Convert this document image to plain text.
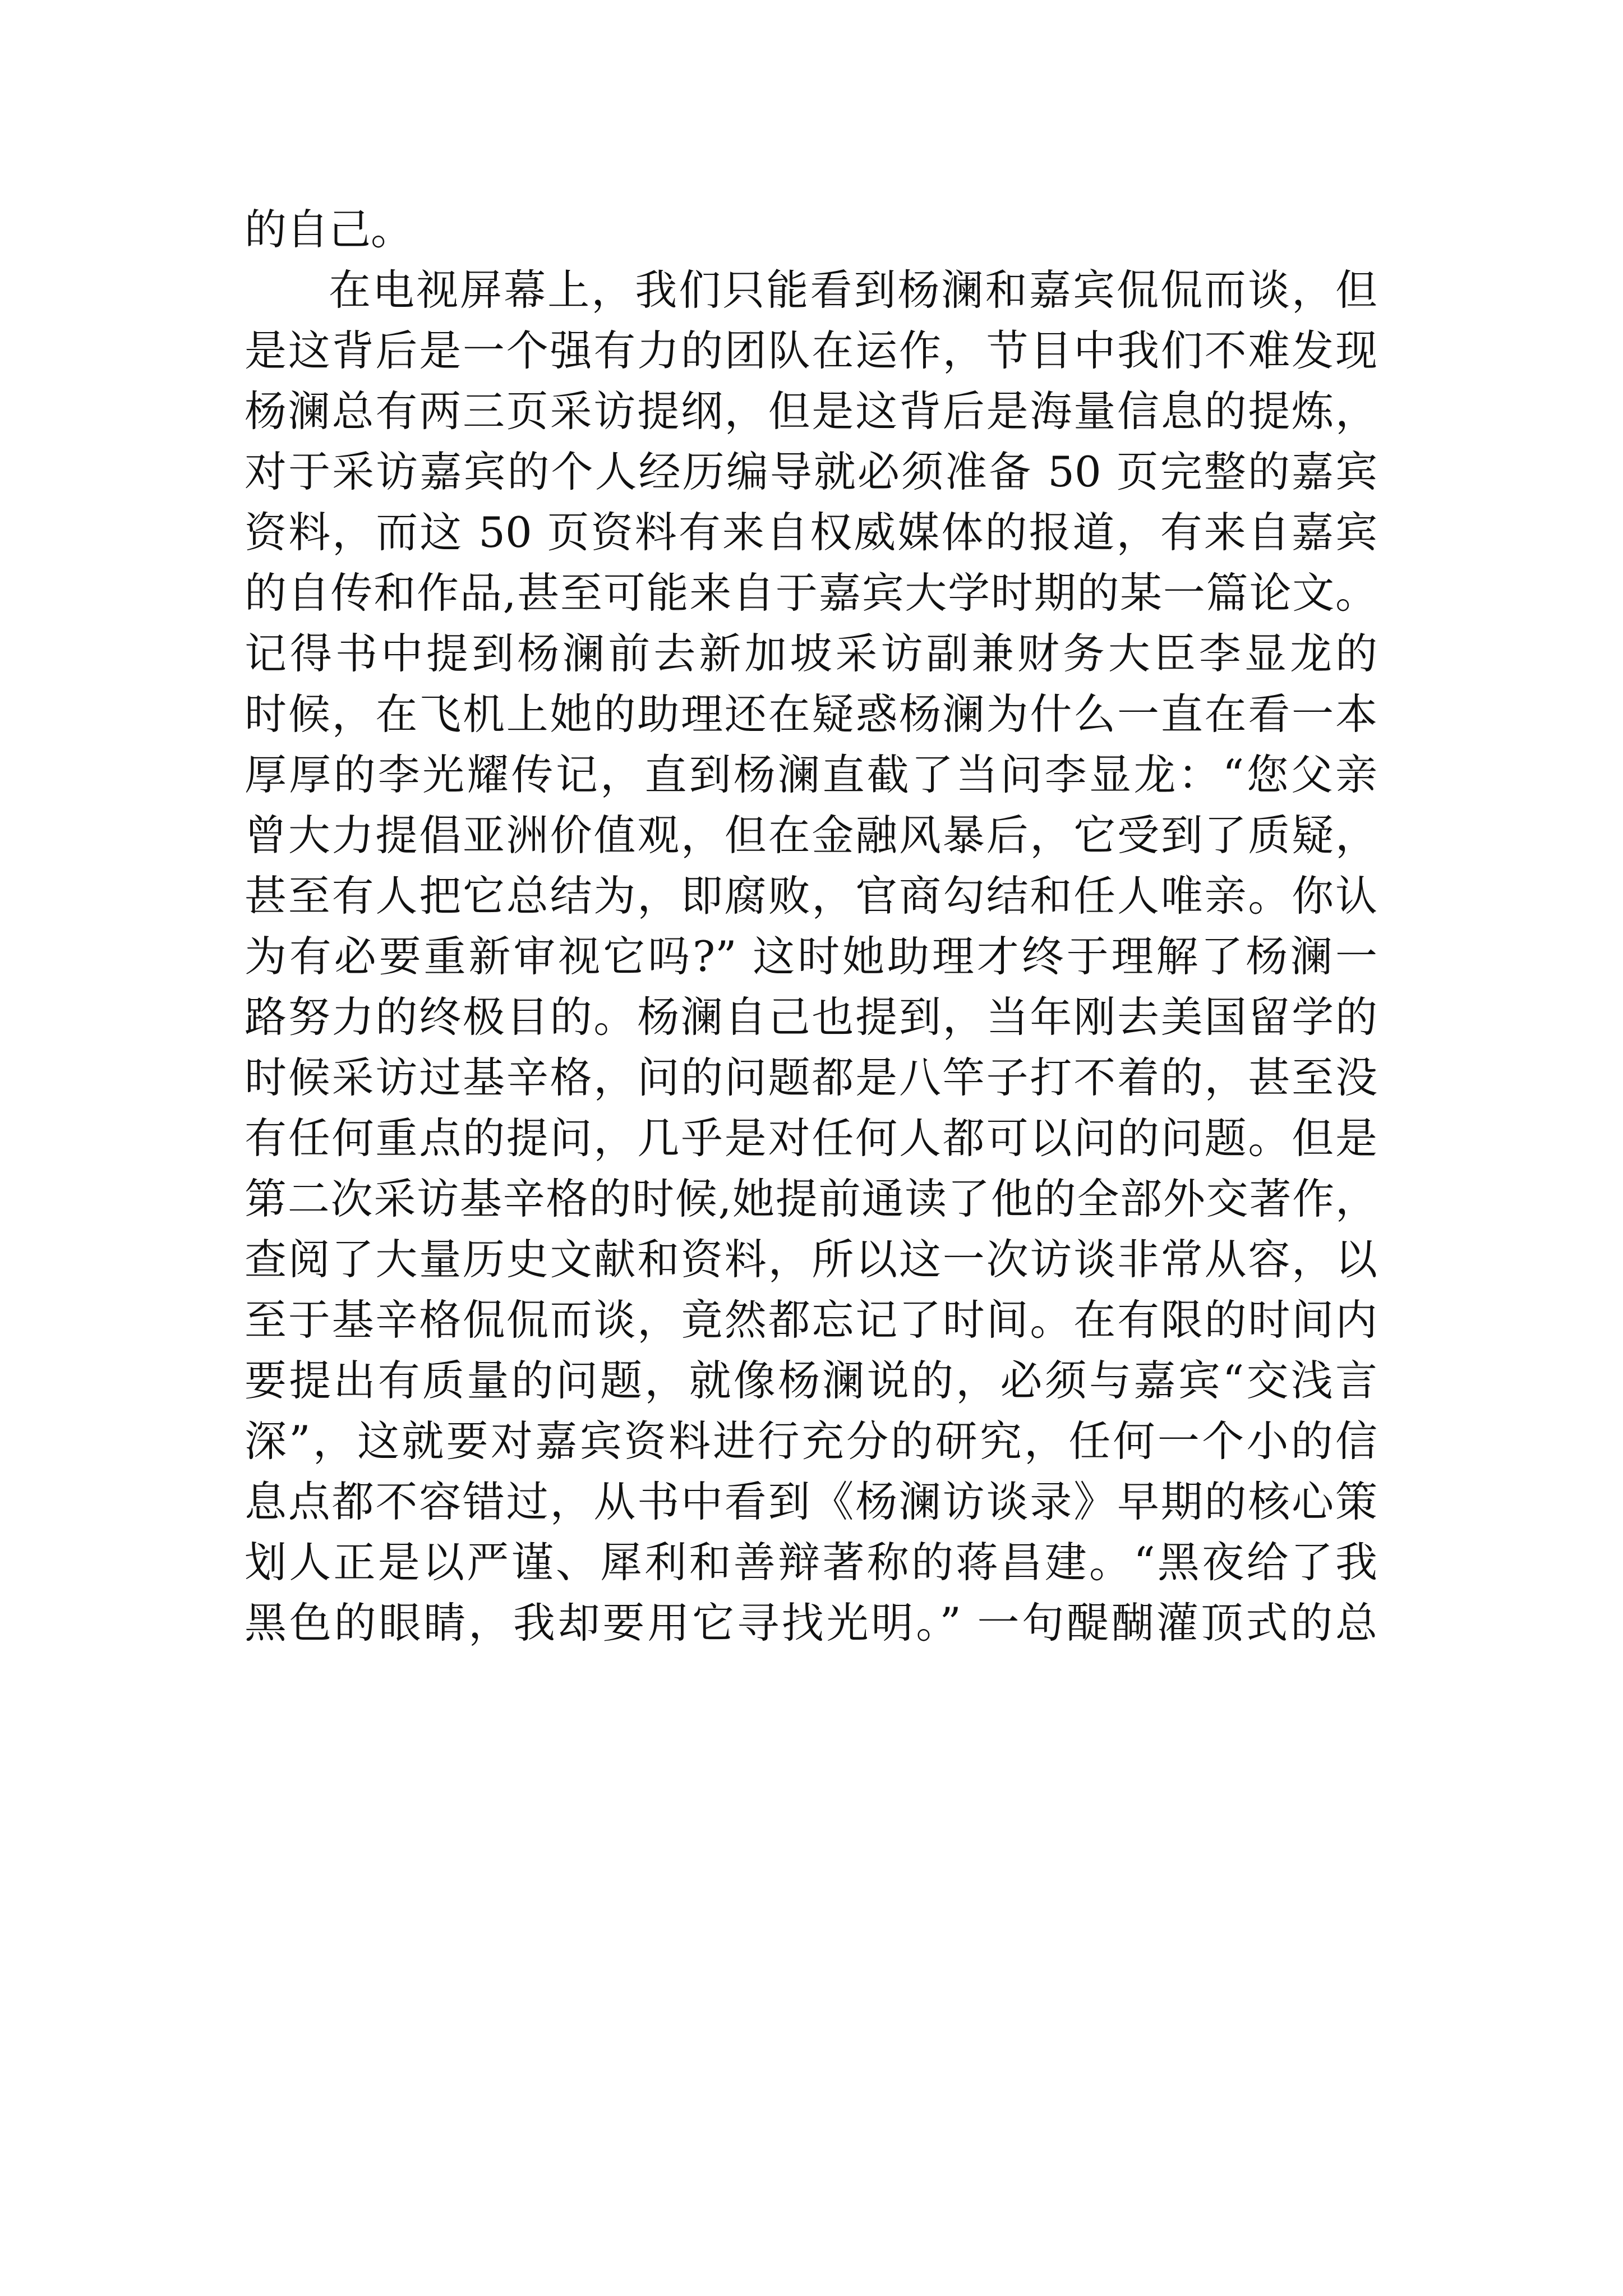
的自己。
在电视屏幕上，我们只能看到杨澜和嘉宾侃侃而谈，但
是这背后是一个强有力的团队在运作，节目中我们不难发现
杨澜总有两三页采访提纲，但是这背后是海量信息的提炼，
对于采访嘉宾的个人经历编导就必须准备 50 页完整的嘉宾
资料，而这 50 页资料有来自权威媒体的报道，有来自嘉宾
的自传和作品,甚至可能来自于嘉宾大学时期的某一篇论文。
记得书中提到杨澜前去新加坡采访副兼财务大臣李显龙的
时候，在飞机上她的助理还在疑惑杨澜为什么一直在看一本
厚厚的李光耀传记，直到杨澜直截了当问李显龙：“您父亲
曾大力提倡亚洲价值观，但在金融风暴后，它受到了质疑，
甚至有人把它总结为，即腐败，官商勾结和任人唯亲。你认
为有必要重新审视它吗?” 这时她助理才终于理解了杨澜一
路努力的终极目的。杨澜自己也提到，当年刚去美国留学的
时候采访过基辛格，问的问题都是八竿子打不着的，甚至没
有任何重点的提问，几乎是对任何人都可以问的问题。但是
第二次采访基辛格的时候,她提前通读了他的全部外交著作，
查阅了大量历史文献和资料，所以这一次访谈非常从容，以
至于基辛格侃侃而谈，竟然都忘记了时间。在有限的时间内
要提出有质量的问题，就像杨澜说的，必须与嘉宾“交浅言
深”，这就要对嘉宾资料进行充分的研究，任何一个小的信
息点都不容错过，从书中看到《杨澜访谈录》早期的核心策
划人正是以严谨、犀利和善辩著称的蒋昌建。“黑夜给了我
黑色的眼睛，我却要用它寻找光明。” 一句醍醐灌顶式的总
